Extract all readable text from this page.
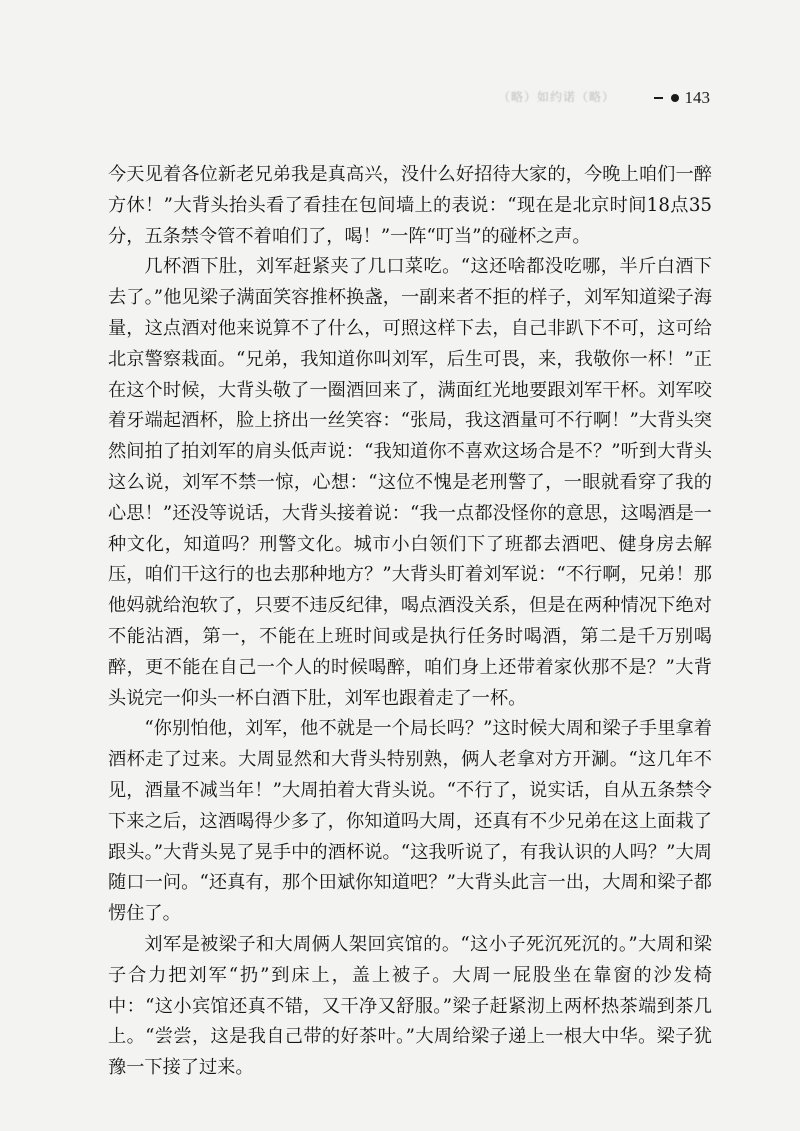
（略）如约诺（略）	143

今天见着各位新老兄弟我是真高兴，没什么好招待大家的，今晚上咱们一醉方休！”大背头抬头看了看挂在包间墙上的表说：“现在是北京时间18点35分，五条禁令管不着咱们了，喝！”一阵“叮当”的碰杯之声。

几杯酒下肚，刘军赶紧夹了几口菜吃。“这还啥都没吃哪，半斤白酒下去了。”他见梁子满面笑容推杯换盏，一副来者不拒的样子，刘军知道梁子海量，这点酒对他来说算不了什么，可照这样下去，自己非趴下不可，这可给北京警察栽面。“兄弟，我知道你叫刘军，后生可畏，来，我敬你一杯！”正在这个时候，大背头敬了一圈酒回来了，满面红光地要跟刘军干杯。刘军咬着牙端起酒杯，脸上挤出一丝笑容：“张局，我这酒量可不行啊！”大背头突然间拍了拍刘军的肩头低声说：“我知道你不喜欢这场合是不？”听到大背头这么说，刘军不禁一惊，心想：“这位不愧是老刑警了，一眼就看穿了我的心思！”还没等说话，大背头接着说：“我一点都没怪你的意思，这喝酒是一种文化，知道吗？刑警文化。城市小白领们下了班都去酒吧、健身房去解压，咱们干这行的也去那种地方？”大背头盯着刘军说：“不行啊，兄弟！那他妈就给泡软了，只要不违反纪律，喝点酒没关系，但是在两种情况下绝对不能沾酒，第一，不能在上班时间或是执行任务时喝酒，第二是千万别喝醉，更不能在自己一个人的时候喝醉，咱们身上还带着家伙那不是？”大背头说完一仰头一杯白酒下肚，刘军也跟着走了一杯。

“你别怕他，刘军，他不就是一个局长吗？”这时候大周和梁子手里拿着酒杯走了过来。大周显然和大背头特别熟，俩人老拿对方开涮。“这几年不见，酒量不减当年！”大周拍着大背头说。“不行了，说实话，自从五条禁令下来之后，这酒喝得少多了，你知道吗大周，还真有不少兄弟在这上面栽了跟头。”大背头晃了晃手中的酒杯说。“这我听说了，有我认识的人吗？”大周随口一问。“还真有，那个田斌你知道吧？”大背头此言一出，大周和梁子都愣住了。

刘军是被梁子和大周俩人架回宾馆的。“这小子死沉死沉的。”大周和梁子合力把刘军“扔”到床上，盖上被子。大周一屁股坐在靠窗的沙发椅中：“这小宾馆还真不错，又干净又舒服。”梁子赶紧沏上两杯热茶端到茶几上。“尝尝，这是我自己带的好茶叶。”大周给梁子递上一根大中华。梁子犹豫一下接了过来。
